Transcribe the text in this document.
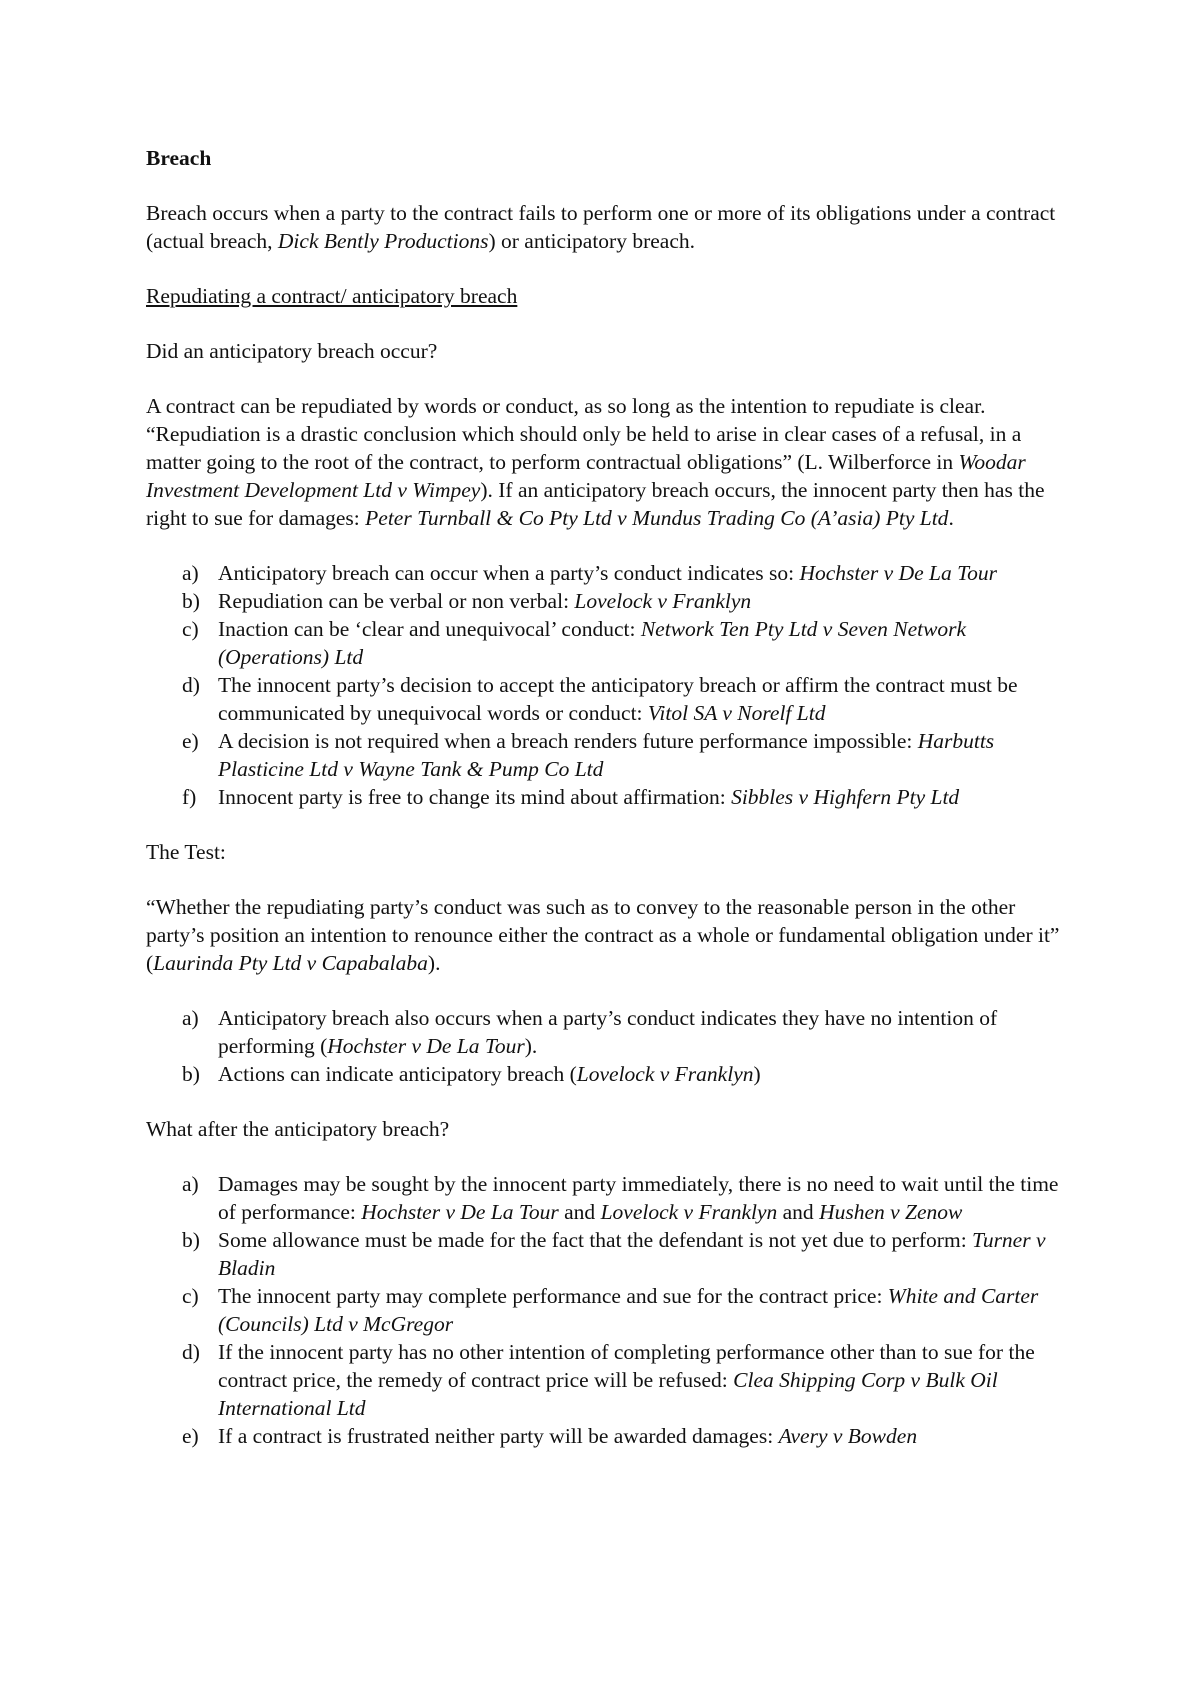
Breach

Breach occurs when a party to the contract fails to perform one or more of its obligations under a contract (actual breach, Dick Bently Productions) or anticipatory breach.

Repudiating a contract/ anticipatory breach

Did an anticipatory breach occur?

A contract can be repudiated by words or conduct, as so long as the intention to repudiate is clear. “Repudiation is a drastic conclusion which should only be held to arise in clear cases of a refusal, in a matter going to the root of the contract, to perform contractual obligations” (L. Wilberforce in Woodar Investment Development Ltd v Wimpey). If an anticipatory breach occurs, the innocent party then has the right to sue for damages: Peter Turnball & Co Pty Ltd v Mundus Trading Co (A’asia) Pty Ltd.

a) Anticipatory breach can occur when a party’s conduct indicates so: Hochster v De La Tour
b) Repudiation can be verbal or non verbal: Lovelock v Franklyn
c) Inaction can be ‘clear and unequivocal’ conduct: Network Ten Pty Ltd v Seven Network (Operations) Ltd
d) The innocent party’s decision to accept the anticipatory breach or affirm the contract must be communicated by unequivocal words or conduct: Vitol SA v Norelf Ltd
e) A decision is not required when a breach renders future performance impossible: Harbutts Plasticine Ltd v Wayne Tank & Pump Co Ltd
f) Innocent party is free to change its mind about affirmation: Sibbles v Highfern Pty Ltd

The Test:

“Whether the repudiating party’s conduct was such as to convey to the reasonable person in the other party’s position an intention to renounce either the contract as a whole or fundamental obligation under it” (Laurinda Pty Ltd v Capabalaba).

a) Anticipatory breach also occurs when a party’s conduct indicates they have no intention of performing (Hochster v De La Tour).
b) Actions can indicate anticipatory breach (Lovelock v Franklyn)

What after the anticipatory breach?

a) Damages may be sought by the innocent party immediately, there is no need to wait until the time of performance: Hochster v De La Tour and Lovelock v Franklyn and Hushen v Zenow
b) Some allowance must be made for the fact that the defendant is not yet due to perform: Turner v Bladin
c) The innocent party may complete performance and sue for the contract price: White and Carter (Councils) Ltd v McGregor
d) If the innocent party has no other intention of completing performance other than to sue for the contract price, the remedy of contract price will be refused: Clea Shipping Corp v Bulk Oil International Ltd
e) If a contract is frustrated neither party will be awarded damages: Avery v Bowden
